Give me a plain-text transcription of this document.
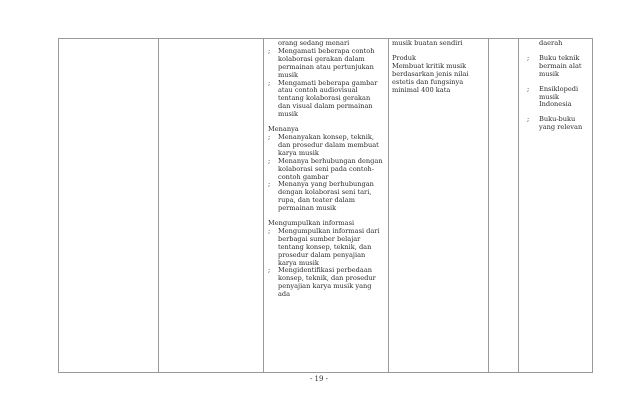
orang sedang menari
; Mengamati beberapa contoh kolaborasi gerakan dalam permainan atau pertunjukan musik
; Mengamati beberapa gambar atau contoh audiovisual tentang kolaborasi gerakan dan visual dalam permainan musik
Menanya
; Menanyakan konsep, teknik, dan prosedur dalam membuat karya musik
; Menanya berhubungan dengan kolaborasi seni pada contoh-contoh gambar
; Menanya yang berhubungan dengan kolaborasi seni tari, rupa, dan teater dalam permainan musik
Mengumpulkan informasi
; Mengumpulkan informasi dari berbagai sumber belajar tentang konsep, teknik, dan prosedur dalam penyajian karya musik
; Mengidentifikasi perbedaan konsep, teknik, dan prosedur penyajian karya musik yang ada
musik buatan sendiri
Produk
Membuat kritik musik berdasarkan jenis nilai estetis dan fungsinya minimal 400 kata
daerah
; Buku teknik bermain alat musik
; Ensiklopedi musik Indonesia
; Buku-buku yang relevan
- 19 -
